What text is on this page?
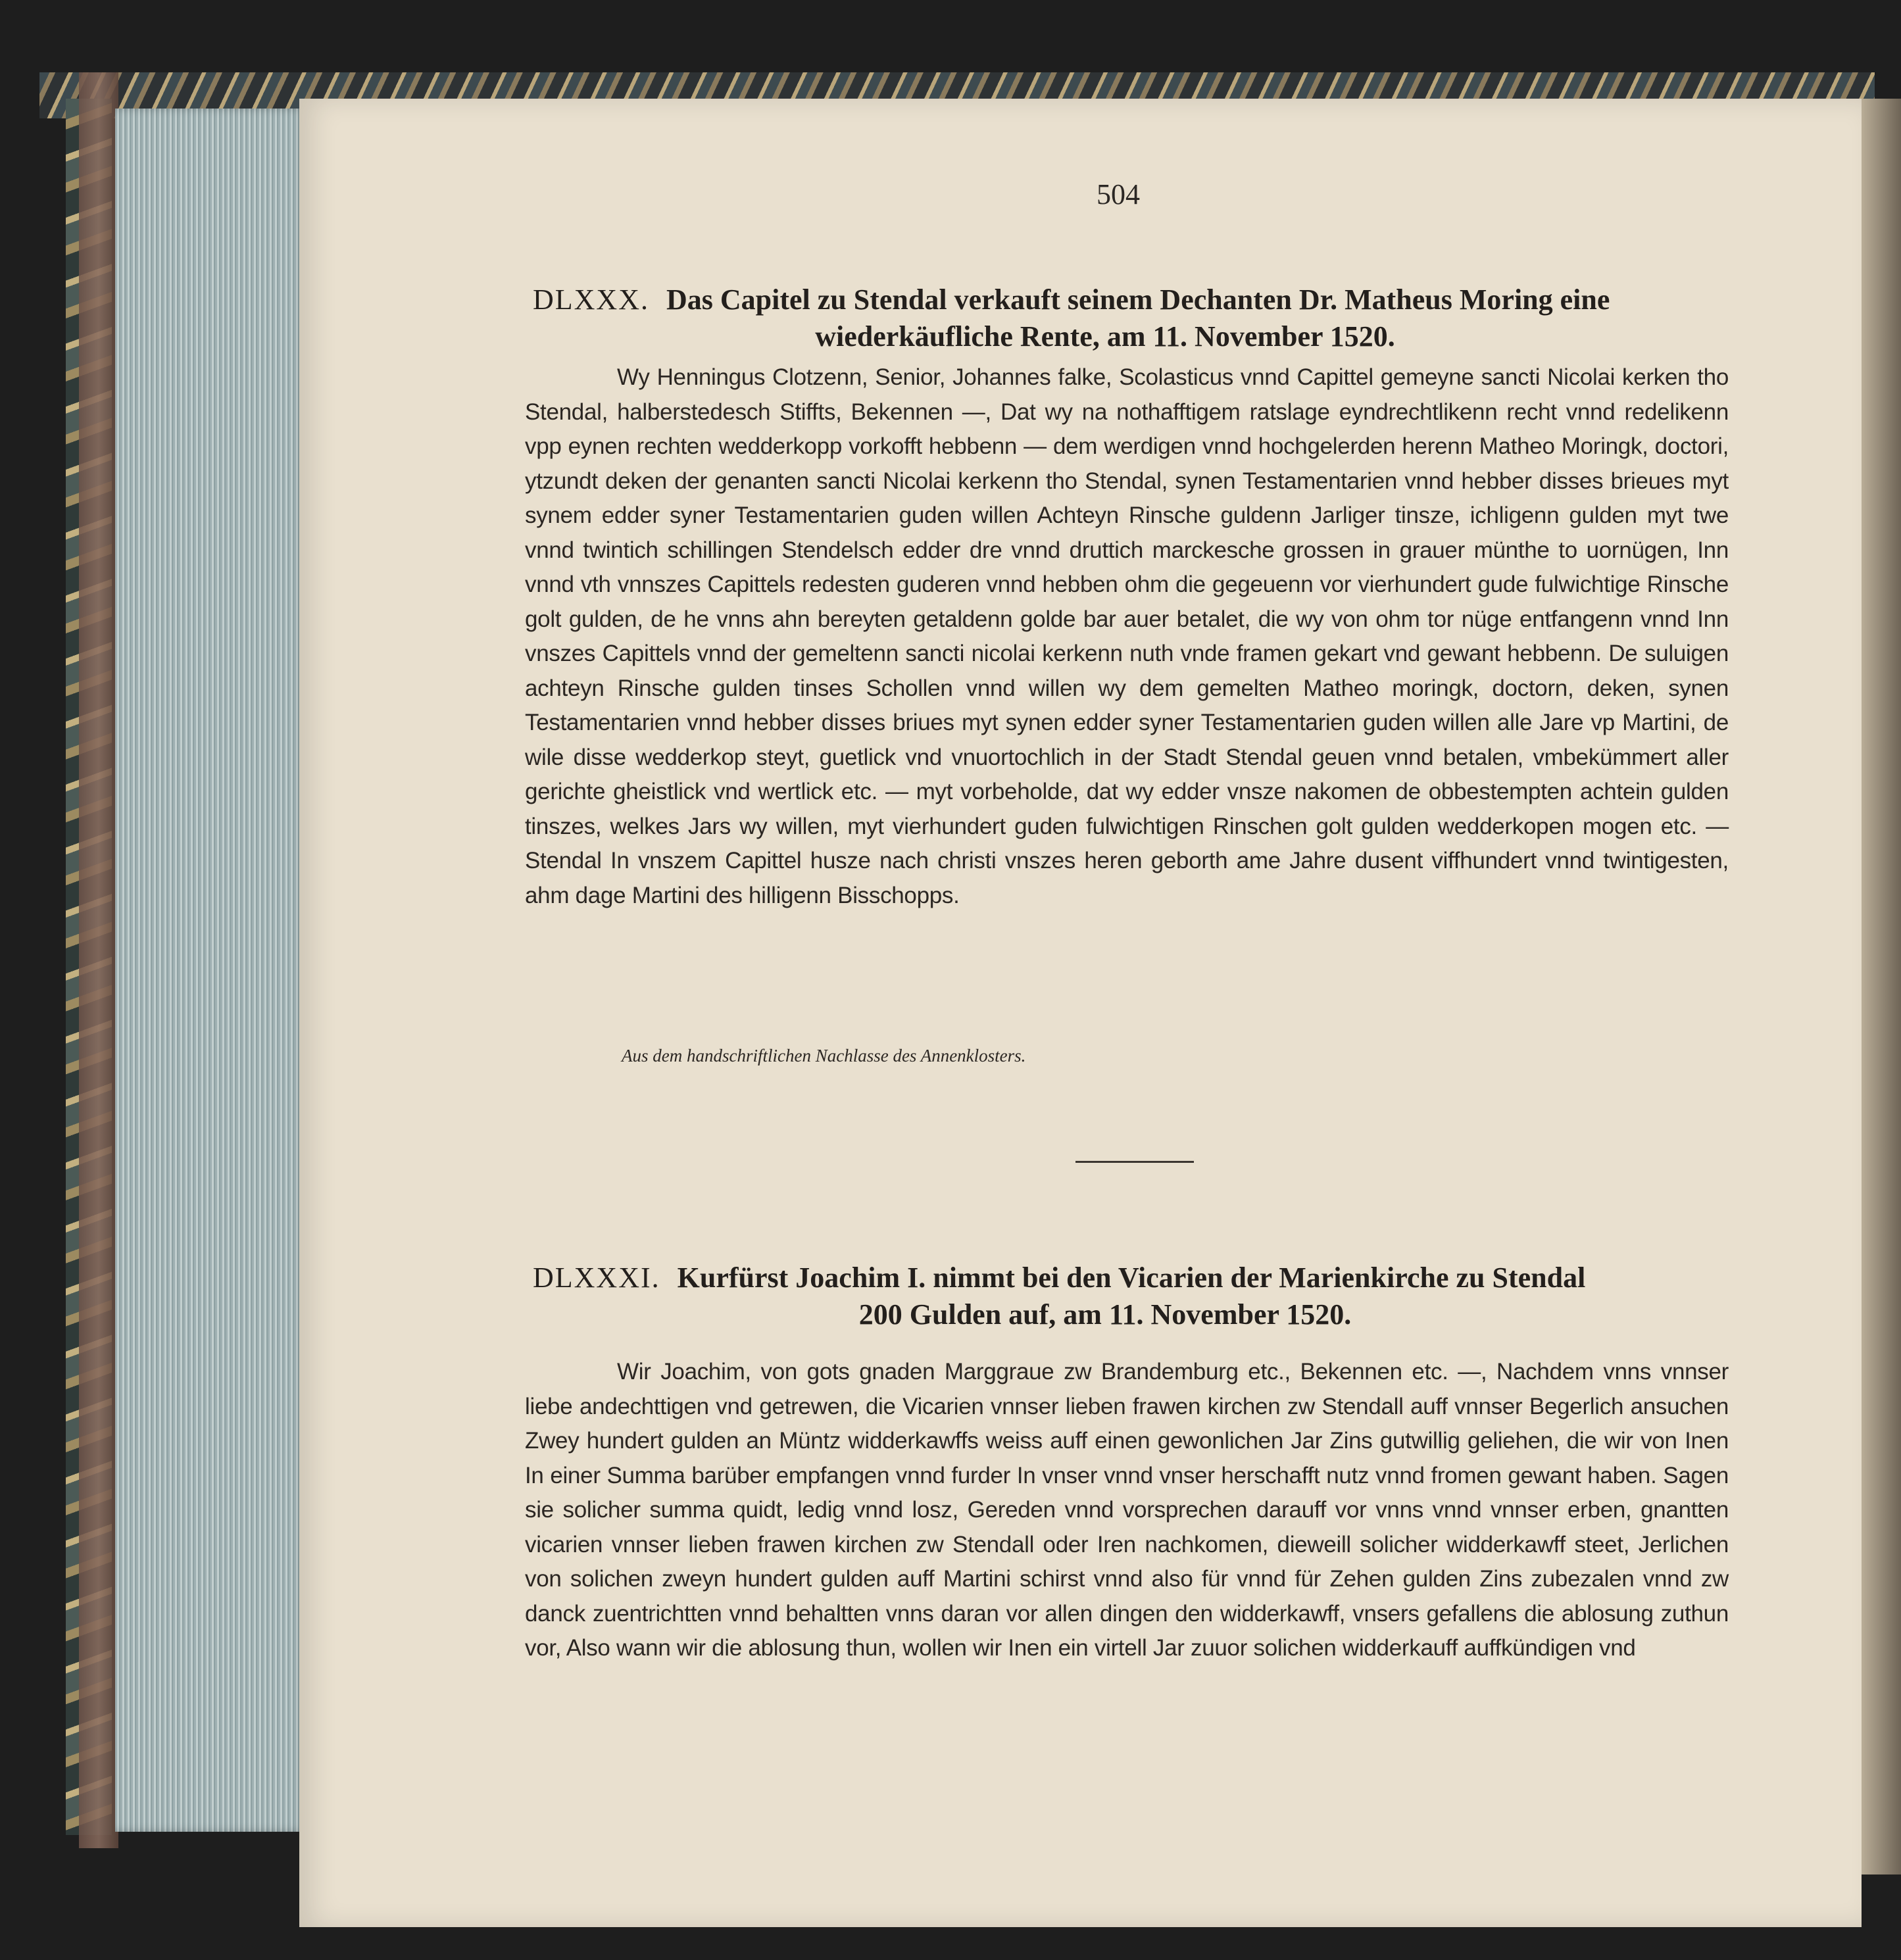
504
DLXXX. Das Capitel zu Stendal verkauft seinem Dechanten Dr. Matheus Moring eine
wiederkäufliche Rente, am 11. November 1520.

Wy Henningus Clotzenn, Senior, Johannes falke, Scolasticus vnnd Capittel gemeyne sancti Nicolai kerken tho Stendal, halberstedesch Stiffts, Bekennen —, Dat wy na nothafftigem ratslage eyndrechtlikenn recht vnnd redelikenn vpp eynen rechten wedderkopp vorkofft hebbenn — dem werdigen vnnd hochgelerden herenn Matheo Moringk, doctori, ytzundt deken der genanten sancti Nicolai kerkenn tho Stendal, synen Testamentarien vnnd hebber disses brieues myt synem edder syner Testamentarien guden willen Achteyn Rinsche guldenn Jarliger tinsze, ichligenn gulden myt twe vnnd twintich schillingen Stendelsch edder dre vnnd druttich marckesche grossen in grauer münthe to uornügen, Inn vnnd vth vnnszes Capittels redesten guderen vnnd hebben ohm die gegeuenn vor vierhundert gude fulwichtige Rinsche golt gulden, de he vnns ahn bereyten getaldenn golde bar auer betalet, die wy von ohm tor nüge entfangenn vnnd Inn vnszes Capittels vnnd der gemeltenn sancti nicolai kerkenn nuth vnde framen gekart vnd gewant hebbenn. De suluigen achteyn Rinsche gulden tinses Schollen vnnd willen wy dem gemelten Matheo moringk, doctorn, deken, synen Testamentarien vnnd hebber disses briues myt synen edder syner Testamentarien guden willen alle Jare vp Martini, de wile disse wedderkop steyt, guetlick vnd vnuortochlich in der Stadt Stendal geuen vnnd betalen, vmbekümmert aller gerichte gheistlick vnd wertlick etc. — myt vorbeholde, dat wy edder vnsze nakomen de obbestempten achtein gulden tinszes, welkes Jars wy willen, myt vierhundert guden fulwichtigen Rinschen golt gulden wedderkopen mogen etc. — Stendal In vnszem Capittel husze nach christi vnszes heren geborth ame Jahre dusent viffhundert vnnd twintigesten, ahm dage Martini des hilligenn Bisschopps.

Aus dem handschriftlichen Nachlasse des Annenklosters.
DLXXXI. Kurfürst Joachim I. nimmt bei den Vicarien der Marienkirche zu Stendal
200 Gulden auf, am 11. November 1520.

Wir Joachim, von gots gnaden Marggraue zw Brandemburg etc., Bekennen etc. —, Nachdem vnns vnnser liebe andechttigen vnd getrewen, die Vicarien vnnser lieben frawen kirchen zw Stendall auff vnnser Begerlich ansuchen Zwey hundert gulden an Müntz widderkawffs weiss auff einen gewonlichen Jar Zins gutwillig geliehen, die wir von Inen In einer Summa barüber empfangen vnnd furder In vnser vnnd vnser herschafft nutz vnnd fromen gewant haben. Sagen sie solicher summa quidt, ledig vnnd losz, Gereden vnnd vorsprechen darauff vor vnns vnnd vnnser erben, gnantten vicarien vnnser lieben frawen kirchen zw Stendall oder Iren nachkomen, dieweill solicher widderkawff steet, Jerlichen von solichen zweyn hundert gulden auff Martini schirst vnnd also für vnnd für Zehen gulden Zins zubezalen vnnd zw danck zuentrichtten vnnd behaltten vnns daran vor allen dingen den widderkawff, vnsers gefallens die ablosung zuthun vor, Also wann wir die ablosung thun, wollen wir Inen ein virtell Jar zuuor solichen widderkauff auffkündigen vnd
